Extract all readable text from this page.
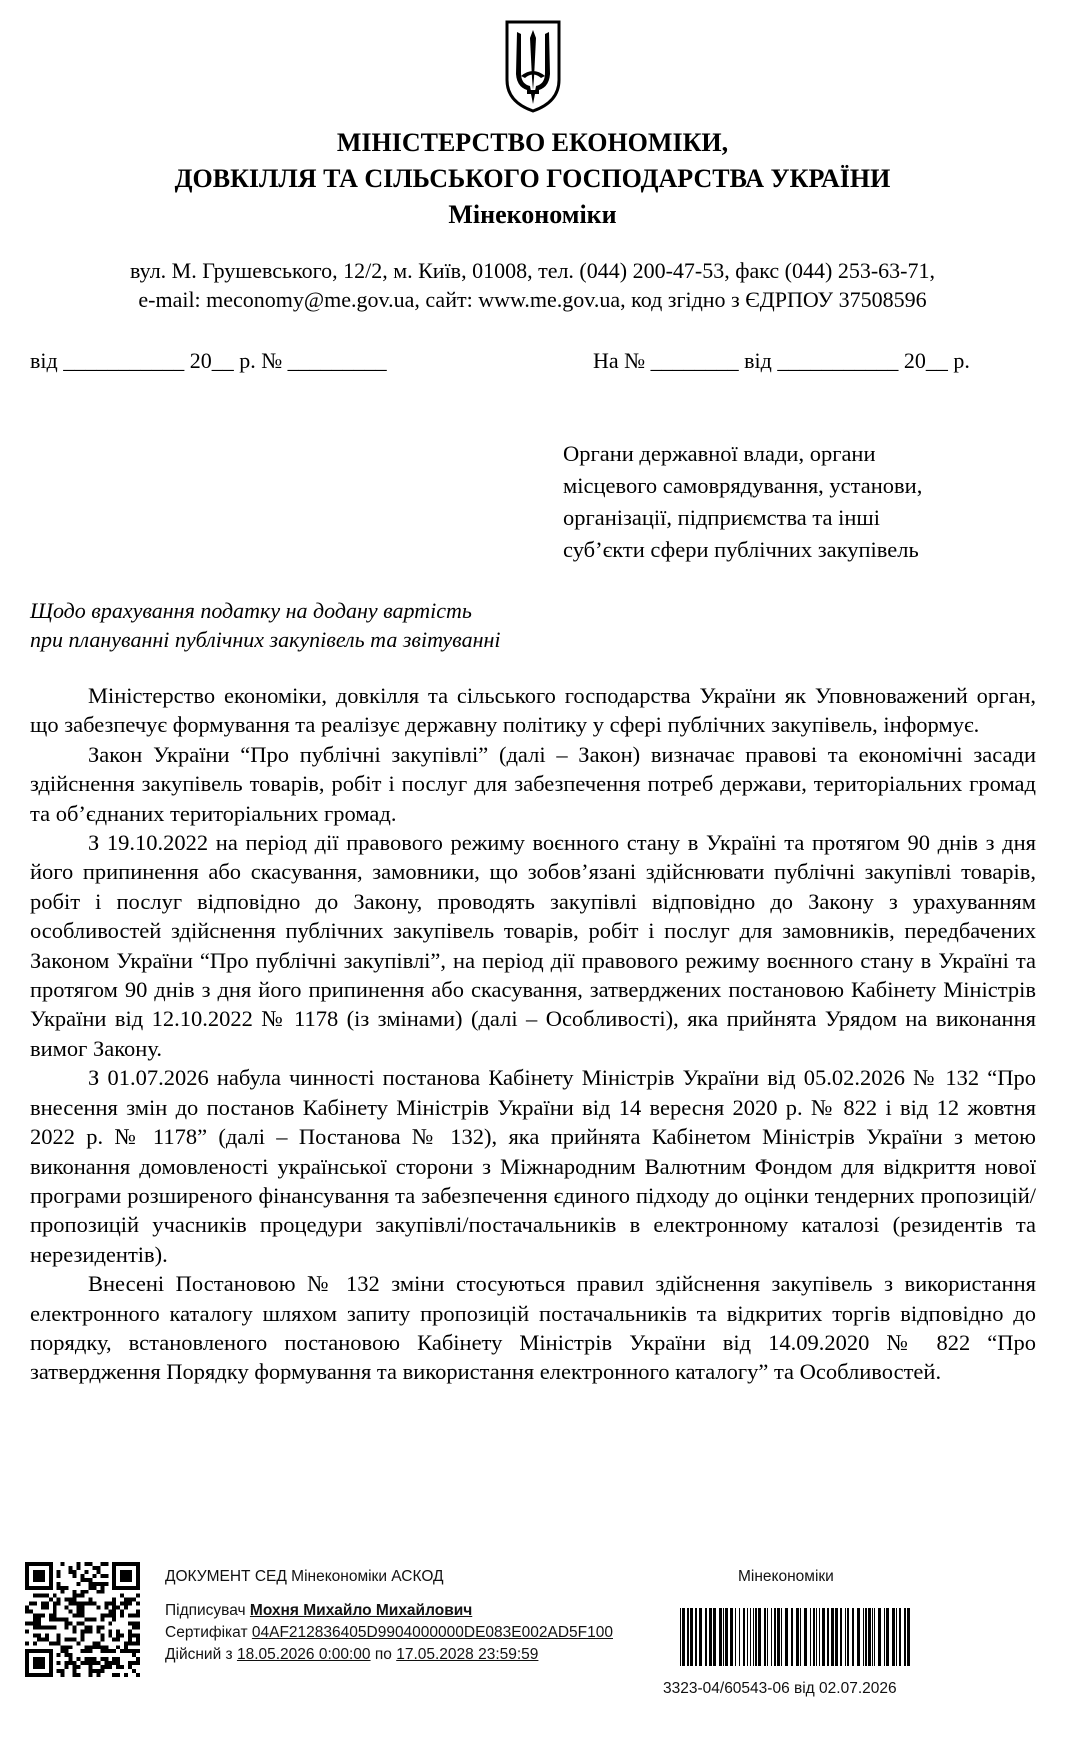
МІНІСТЕРСТВО ЕКОНОМІКИ,
ДОВКІЛЛЯ ТА СІЛЬСЬКОГО ГОСПОДАРСТВА УКРАЇНИ
Мінекономіки
вул. М. Грушевського, 12/2, м. Київ, 01008, тел. (044) 200-47-53, факс (044) 253-63-71,
e-mail: meconomy@me.gov.ua, сайт: www.me.gov.ua, код згідно з ЄДРПОУ 37508596
від ___________ 20__ р. № _________	На № ________ від ___________ 20__ р.
Органи державної влади, органи
місцевого самоврядування, установи,
організації, підприємства та інші
суб’єкти сфери публічних закупівель
Щодо врахування податку на додану вартість
при плануванні публічних закупівель та звітуванні

Міністерство економіки, довкілля та сільського господарства України як Уповноважений орган, що забезпечує формування та реалізує державну політику у сфері публічних закупівель, інформує.

Закон України “Про публічні закупівлі” (далі – Закон) визначає правові та економічні засади здійснення закупівель товарів, робіт і послуг для забезпечення потреб держави, територіальних громад та об’єднаних територіальних громад.

З 19.10.2022 на період дії правового режиму воєнного стану в Україні та протягом 90 днів з дня його припинення або скасування, замовники, що зобов’язані здійснювати публічні закупівлі товарів, робіт і послуг відповідно до Закону, проводять закупівлі відповідно до Закону з урахуванням особливостей здійснення публічних закупівель товарів, робіт і послуг для замовників, передбачених Законом України “Про публічні закупівлі”, на період дії правового режиму воєнного стану в Україні та протягом 90 днів з дня його припинення або скасування, затверджених постановою Кабінету Міністрів України від 12.10.2022 № 1178 (із змінами) (далі – Особливості), яка прийнята Урядом на виконання вимог Закону.

З 01.07.2026 набула чинності постанова Кабінету Міністрів України від 05.02.2026 № 132 “Про внесення змін до постанов Кабінету Міністрів України від 14 вересня 2020 р. № 822 і від 12 жовтня 2022 р. № 1178” (далі – Постанова № 132), яка прийнята Кабінетом Міністрів України з метою виконання домовленості української сторони з Міжнародним Валютним Фондом для відкриття нової програми розширеного фінансування та забезпечення єдиного підходу до оцінки тендерних пропозицій/пропозицій учасників процедури закупівлі/постачальників в електронному каталозі (резидентів та нерезидентів).

Внесені Постановою № 132 зміни стосуються правил здійснення закупівель з використання електронного каталогу шляхом запиту пропозицій постачальників та відкритих торгів відповідно до порядку, встановленого постановою Кабінету Міністрів України від 14.09.2020 № 822 “Про затвердження Порядку формування та використання електронного каталогу” та Особливостей.

ДОКУМЕНТ СЕД Мінекономіки АСКОД
Підписувач Мохня Михайло Михайлович
Сертифікат 04AF212836405D9904000000DE083E002AD5F100
Дійсний з 18.05.2026 0:00:00 по 17.05.2028 23:59:59
Мінекономіки
3323-04/60543-06 від 02.07.2026
